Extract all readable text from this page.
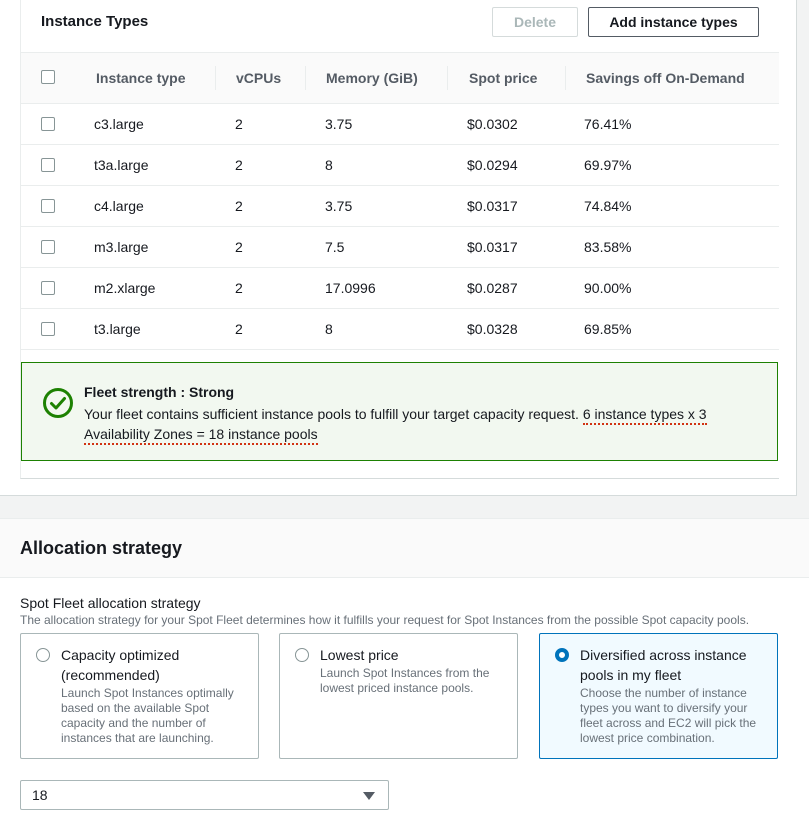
Instance Types	Delete	Add instance types
Instance type	vCPUs	Memory (GiB)	Spot price	Savings off On-Demand
c3.large	2	3.75	$0.0302	76.41%
t3a.large	2	8	$0.0294	69.97%
c4.large	2	3.75	$0.0317	74.84%
m3.large	2	7.5	$0.0317	83.58%
m2.xlarge	2	17.0996	$0.0287	90.00%
t3.large	2	8	$0.0328	69.85%
Fleet strength : Strong
Your fleet contains sufficient instance pools to fulfill your target capacity request. 6 instance types x 3
Availability Zones = 18 instance pools
Allocation strategy
Spot Fleet allocation strategy
The allocation strategy for your Spot Fleet determines how it fulfills your request for Spot Instances from the possible Spot capacity pools.
Capacity optimized
(recommended)
Launch Spot Instances optimally
based on the available Spot
capacity and the number of
instances that are launching.
Lowest price
Launch Spot Instances from the
lowest priced instance pools.
Diversified across instance
pools in my fleet
Choose the number of instance
types you want to diversify your
fleet across and EC2 will pick the
lowest price combination.
18
